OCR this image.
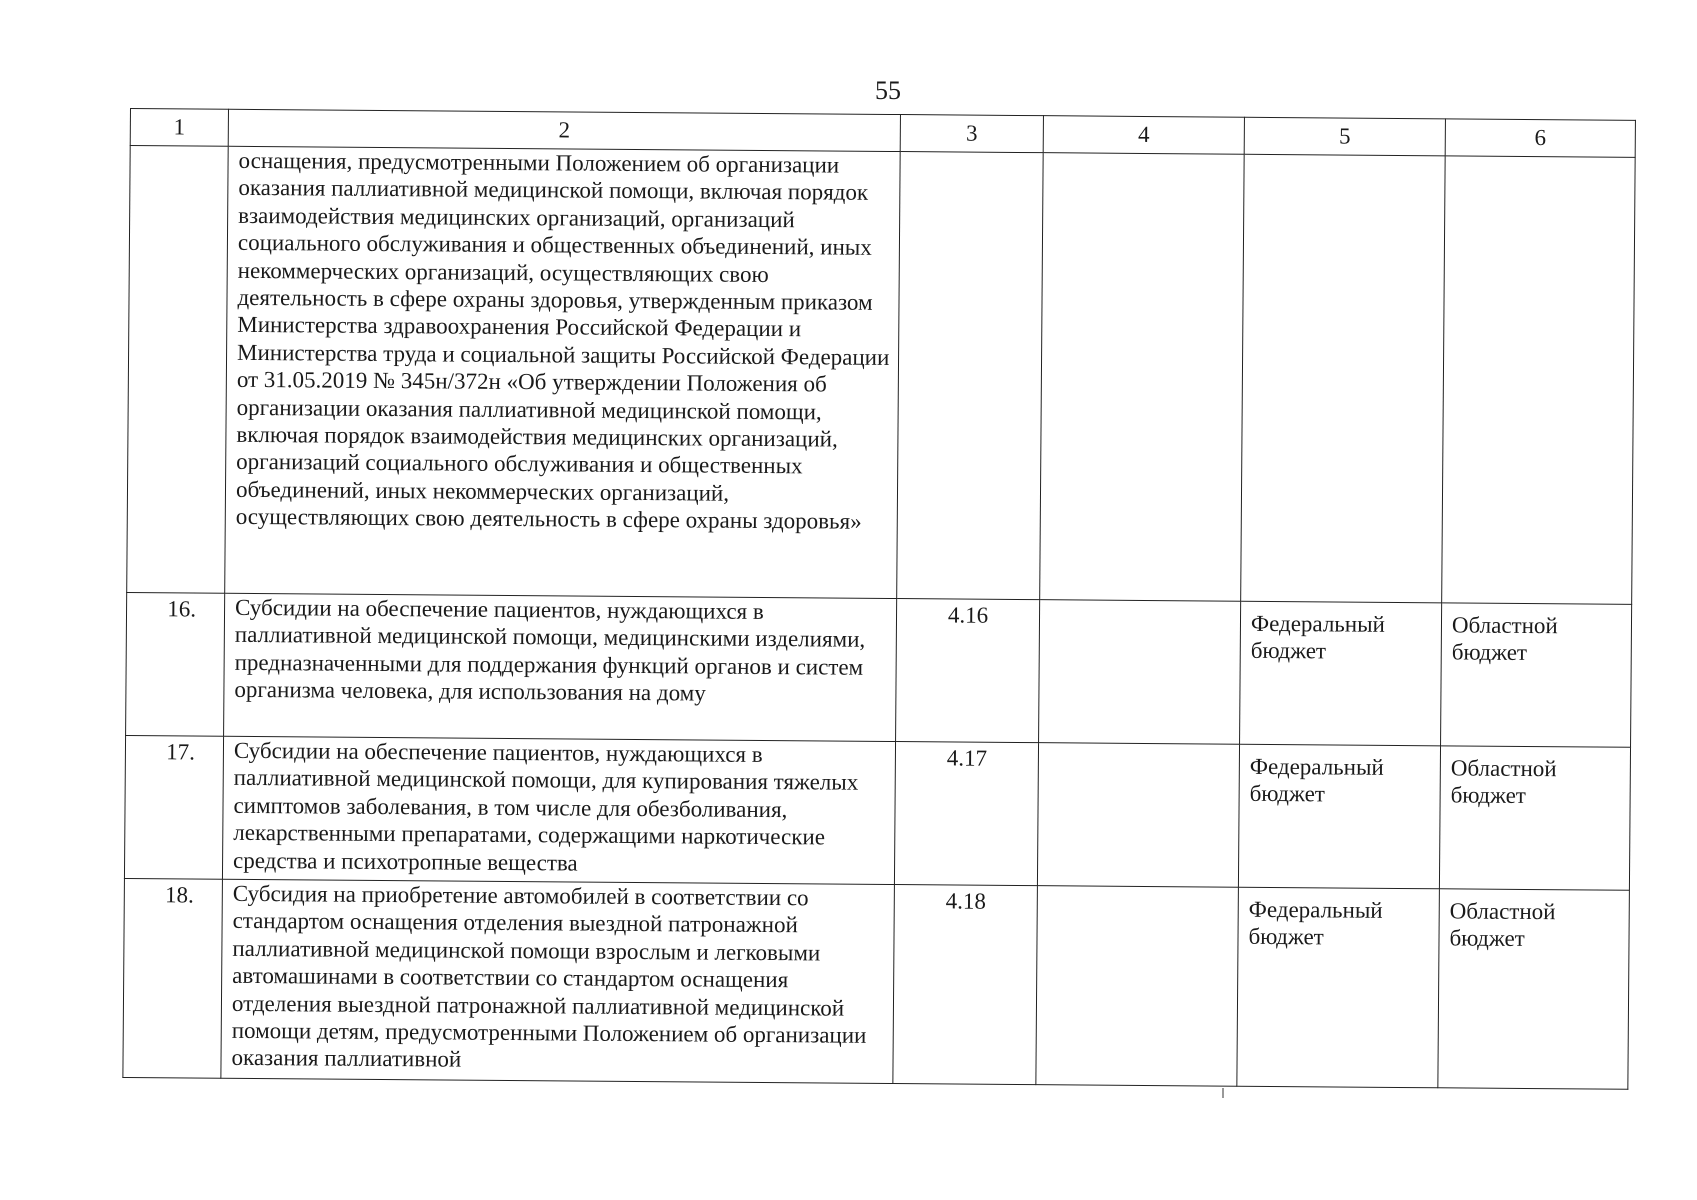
55
1	2	3	4	5	6
	оснащения, предусмотренными Положением об организации оказания паллиативной медицинской помощи, включая порядок взаимодействия медицинских организаций, организаций социального обслуживания и общественных объединений, иных некоммерческих организаций, осуществляющих свою деятельность в сфере охраны здоровья, утвержденным приказом Министерства здравоохранения Российской Федерации и Министерства труда и социальной защиты Российской Федерации от 31.05.2019 № 345н/372н «Об утверждении Положения об организации оказания паллиативной медицинской помощи, включая порядок взаимодействия медицинских организаций, организаций социального обслуживания и общественных объединений, иных некоммерческих организаций, осуществляющих свою деятельность в сфере охраны здоровья»				
16.	Субсидии на обеспечение пациентов, нуждающихся в паллиативной медицинской помощи, медицинскими изделиями, предназначенными для поддержания функций органов и систем организма человека, для использования на дому	4.16		Федеральный бюджет	Областной бюджет
17.	Субсидии на обеспечение пациентов, нуждающихся в паллиативной медицинской помощи, для купирования тяжелых симптомов заболевания, в том числе для обезболивания, лекарственными препаратами, содержащими наркотические средства и психотропные вещества	4.17		Федеральный бюджет	Областной бюджет
18.	Субсидия на приобретение автомобилей в соответствии со стандартом оснащения отделения выездной патронажной паллиативной медицинской помощи взрослым и легковыми автомашинами в соответствии со стандартом оснащения отделения выездной патронажной паллиативной медицинской помощи детям, предусмотренными Положением об организации оказания паллиативной	4.18		Федеральный бюджет	Областной бюджет
